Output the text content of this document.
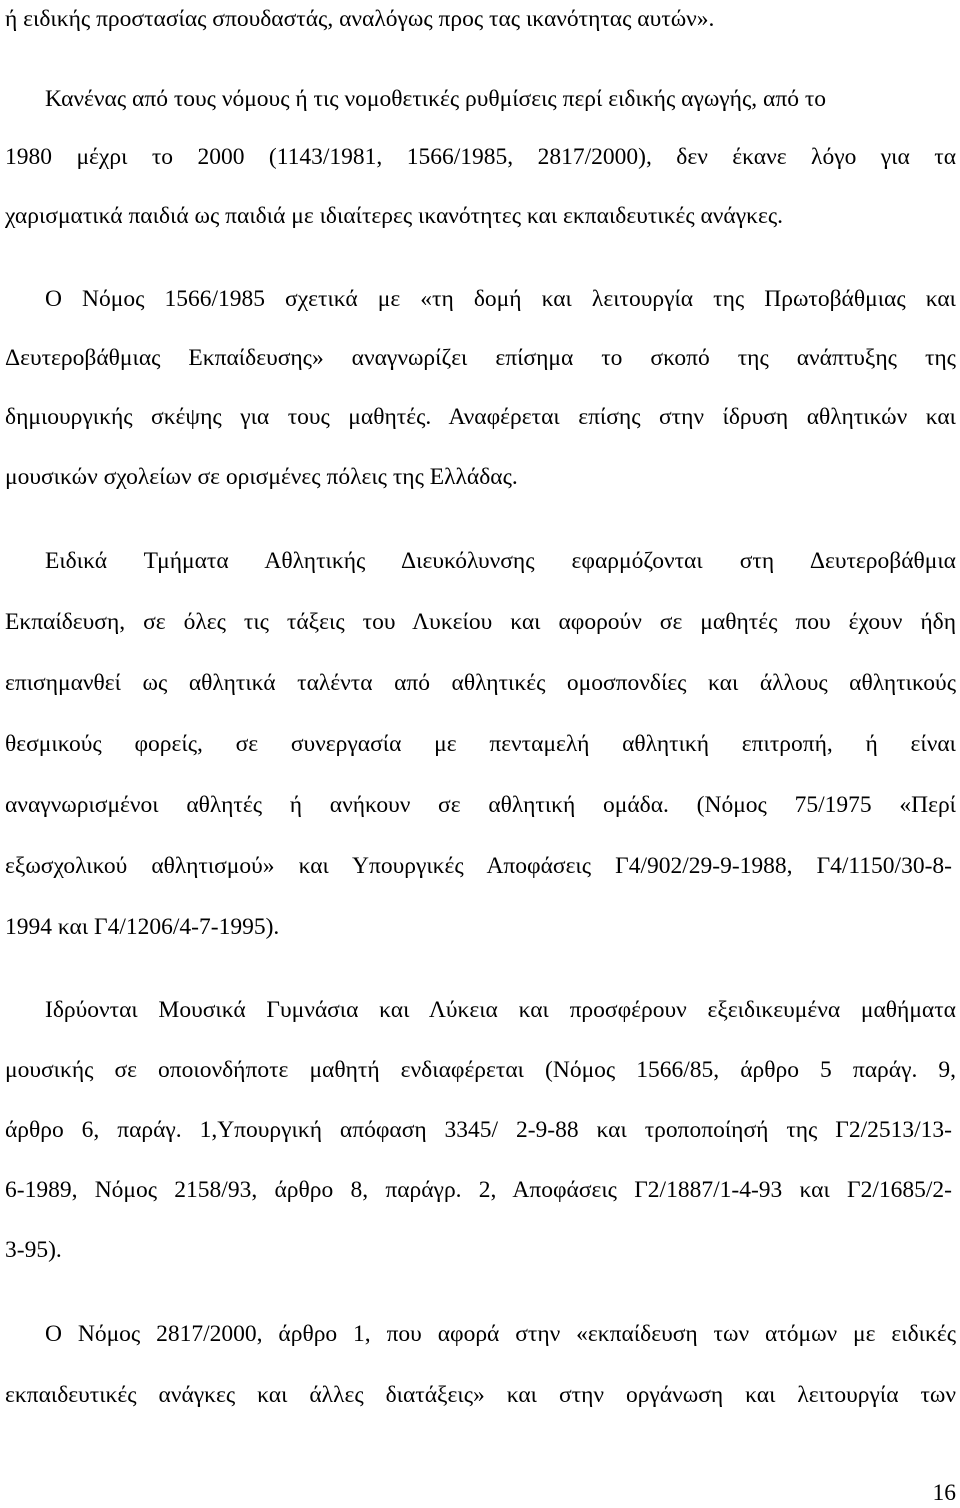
ή ειδικής προστασίας σπουδαστάς, αναλόγως προς τας ικανότητας αυτών».
Κανένας από τους νόμους ή τις νομοθετικές ρυθμίσεις περί ειδικής αγωγής, από το
1980 μέχρι το 2000 (1143/1981, 1566/1985, 2817/2000), δεν έκανε λόγο για τα
χαρισματικά παιδιά ως παιδιά με ιδιαίτερες ικανότητες και εκπαιδευτικές ανάγκες.
Ο Νόμος 1566/1985 σχετικά με «τη δομή και λειτουργία της Πρωτοβάθμιας και
Δευτεροβάθμιας Εκπαίδευσης» αναγνωρίζει επίσημα το σκοπό της ανάπτυξης της
δημιουργικής σκέψης για τους μαθητές. Αναφέρεται επίσης στην ίδρυση αθλητικών και
μουσικών σχολείων σε ορισμένες πόλεις της Ελλάδας.
Ειδικά Τμήματα Αθλητικής Διευκόλυνσης εφαρμόζονται στη Δευτεροβάθμια
Εκπαίδευση, σε όλες τις τάξεις του Λυκείου και αφορούν σε μαθητές που έχουν ήδη
επισημανθεί ως αθλητικά ταλέντα από αθλητικές ομοσπονδίες και άλλους αθλητικούς
θεσμικούς φορείς, σε συνεργασία με πενταμελή αθλητική επιτροπή, ή είναι
αναγνωρισμένοι αθλητές ή ανήκουν σε αθλητική ομάδα. (Νόμος 75/1975 «Περί
εξωσχολικού αθλητισμού» και Υπουργικές Αποφάσεις Γ4/902/29-9-1988, Γ4/1150/30-8-
1994 και Γ4/1206/4-7-1995).
Ιδρύονται Μουσικά Γυμνάσια και Λύκεια και προσφέρουν εξειδικευμένα μαθήματα
μουσικής σε οποιονδήποτε μαθητή ενδιαφέρεται (Νόμος 1566/85, άρθρο 5 παράγ. 9,
άρθρο 6, παράγ. 1,Υπουργική απόφαση 3345/ 2-9-88 και τροποποίησή της Γ2/2513/13-
6-1989, Νόμος 2158/93, άρθρο 8, παράγρ. 2, Αποφάσεις Γ2/1887/1-4-93 και Γ2/1685/2-
3-95).
Ο Νόμος 2817/2000, άρθρο 1, που αφορά στην «εκπαίδευση των ατόμων με ειδικές
εκπαιδευτικές ανάγκες και άλλες διατάξεις» και στην οργάνωση και λειτουργία των
16
